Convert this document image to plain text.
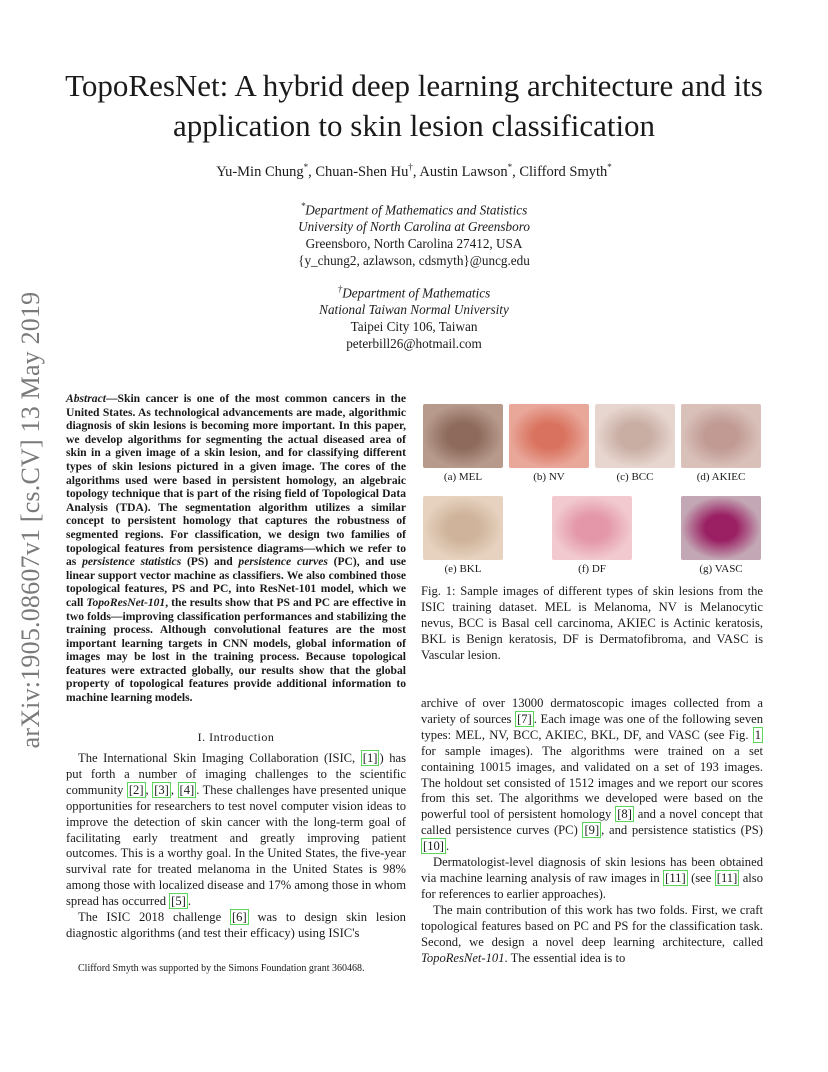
arXiv:1905.08607v1 [cs.CV] 13 May 2019
TopoResNet: A hybrid deep learning architecture and its application to skin lesion classification
Yu-Min Chung*, Chuan-Shen Hu†, Austin Lawson*, Clifford Smyth*
*Department of Mathematics and Statistics
University of North Carolina at Greensboro
Greensboro, North Carolina 27412, USA
{y_chung2, azlawson, cdsmyth}@uncg.edu
†Department of Mathematics
National Taiwan Normal University
Taipei City 106, Taiwan
peterbill26@hotmail.com
Abstract—Skin cancer is one of the most common cancers in the United States. As technological advancements are made, algorithmic diagnosis of skin lesions is becoming more important. In this paper, we develop algorithms for segmenting the actual diseased area of skin in a given image of a skin lesion, and for classifying different types of skin lesions pictured in a given image. The cores of the algorithms used were based in persistent homology, an algebraic topology technique that is part of the rising field of Topological Data Analysis (TDA). The segmentation algorithm utilizes a similar concept to persistent homology that captures the robustness of segmented regions. For classification, we design two families of topological features from persistence diagrams—which we refer to as persistence statistics (PS) and persistence curves (PC), and use linear support vector machine as classifiers. We also combined those topological features, PS and PC, into ResNet-101 model, which we call TopoResNet-101, the results show that PS and PC are effective in two folds—improving classification performances and stabilizing the training process. Although convolutional features are the most important learning targets in CNN models, global information of images may be lost in the training process. Because topological features were extracted globally, our results show that the global property of topological features provide additional information to machine learning models.
I. Introduction

The International Skin Imaging Collaboration (ISIC, [1] ) has put forth a number of imaging challenges to the scientific community [2] , [3] , [4] . These challenges have presented unique opportunities for researchers to test novel computer vision ideas to improve the detection of skin cancer with the long-term goal of facilitating early treatment and greatly improving patient outcomes. This is a worthy goal. In the United States, the five-year survival rate for treated melanoma in the United States is 98% among those with localized disease and 17% among those in whom spread has occurred [5] .

The ISIC 2018 challenge [6] was to design skin lesion diagnostic algorithms (and test their efficacy) using ISIC's

Clifford Smyth was supported by the Simons Foundation grant 360468.
(a) MEL	(b) NV	(c) BCC	(d) AKIEC
(e) BKL	(f) DF	(g) VASC
Fig. 1: Sample images of different types of skin lesions from the ISIC training dataset. MEL is Melanoma, NV is Melanocytic nevus, BCC is Basal cell carcinoma, AKIEC is Actinic keratosis, BKL is Benign keratosis, DF is Dermatofibroma, and VASC is Vascular lesion.

archive of over 13000 dermatoscopic images collected from a variety of sources [7] . Each image was one of the following seven types: MEL, NV, BCC, AKIEC, BKL, DF, and VASC (see Fig. 1 for sample images). The algorithms were trained on a set containing 10015 images, and validated on a set of 193 images. The holdout set consisted of 1512 images and we report our scores from this set. The algorithms we developed were based on the powerful tool of persistent homology [8] and a novel concept that called persistence curves (PC) [9] , and persistence statistics (PS) [10] .

Dermatologist-level diagnosis of skin lesions has been obtained via machine learning analysis of raw images in [11] (see [11] also for references to earlier approaches).

The main contribution of this work has two folds. First, we craft topological features based on PC and PS for the classification task. Second, we design a novel deep learning architecture, called TopoResNet-101. The essential idea is to
